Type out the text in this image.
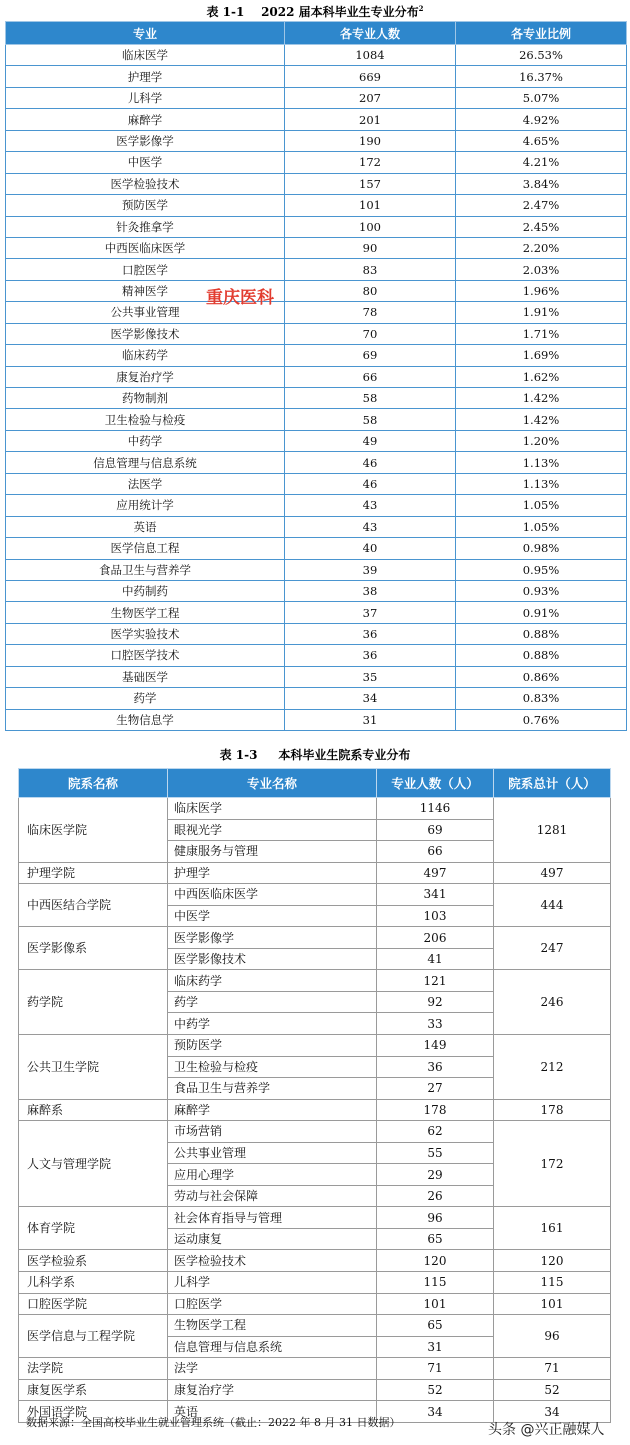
表 1-1 2022 届本科毕业生专业分布$^2$
专业	各专业人数	各专业比例
临床医学	1084	26.53%
护理学	669	16.37%
儿科学	207	5.07%
麻醉学	201	4.92%
医学影像学	190	4.65%
中医学	172	4.21%
医学检验技术	157	3.84%
预防医学	101	2.47%
针灸推拿学	100	2.45%
中西医临床医学	90	2.20%
口腔医学	83	2.03%
精神医学	80	1.96%
公共事业管理	78	1.91%
医学影像技术	70	1.71%
临床药学	69	1.69%
康复治疗学	66	1.62%
药物制剂	58	1.42%
卫生检验与检疫	58	1.42%
中药学	49	1.20%
信息管理与信息系统	46	1.13%
法医学	46	1.13%
应用统计学	43	1.05%
英语	43	1.05%
医学信息工程	40	0.98%
食品卫生与营养学	39	0.95%
中药制药	38	0.93%
生物医学工程	37	0.91%
医学实验技术	36	0.88%
口腔医学技术	36	0.88%
基础医学	35	0.86%
药学	34	0.83%
生物信息学	31	0.76%
重庆医科
表 1-3 本科毕业生院系专业分布
院系名称	专业名称	专业人数（人）	院系总计（人）
临床医学院	临床医学	1146	1281
	眼视光学	69	
	健康服务与管理	66	
护理学院	护理学	497	497
中西医结合学院	中西医临床医学	341	444
	中医学	103	
医学影像系	医学影像学	206	247
	医学影像技术	41	
药学院	临床药学	121	246
	药学	92	
	中药学	33	
公共卫生学院	预防医学	149	212
	卫生检验与检疫	36	
	食品卫生与营养学	27	
麻醉系	麻醉学	178	178
人文与管理学院	市场营销	62	172
	公共事业管理	55	
	应用心理学	29	
	劳动与社会保障	26	
体育学院	社会体育指导与管理	96	161
	运动康复	65	
医学检验系	医学检验技术	120	120
儿科学系	儿科学	115	115
口腔医学院	口腔医学	101	101
医学信息与工程学院	生物医学工程	65	96
	信息管理与信息系统	31	
法学院	法学	71	71
康复医学系	康复治疗学	52	52
外国语学院	英语	34	34
数据来源：全国高校毕业生就业管理系统（截止：2022 年 8 月 31 日数据）	头条 @兴正融媒人
